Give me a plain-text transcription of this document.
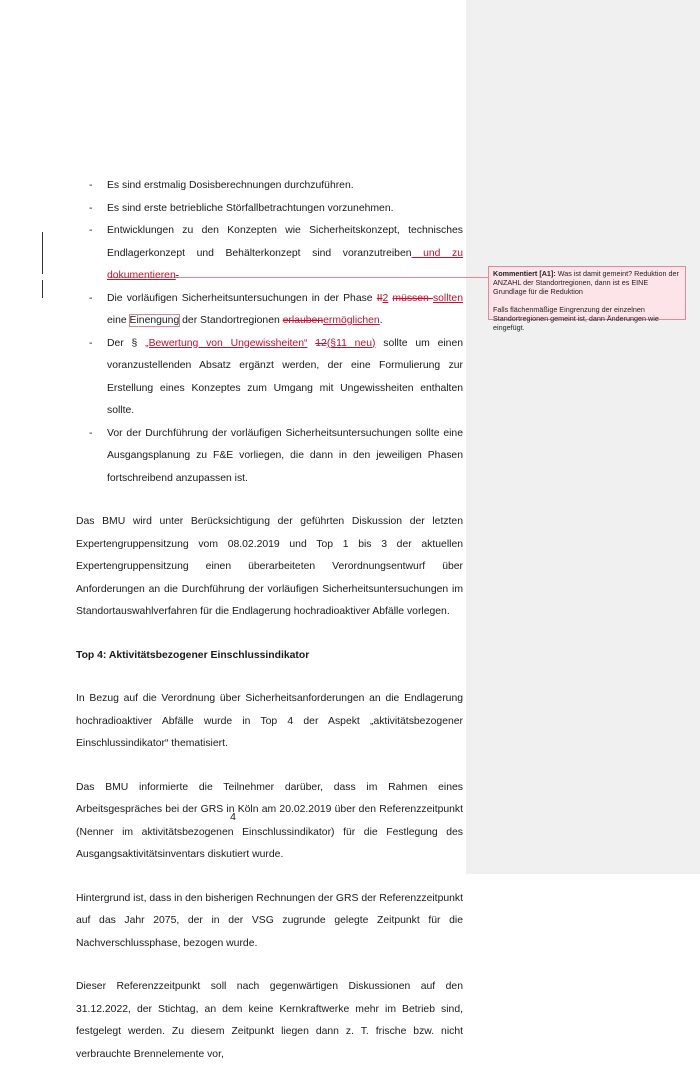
- Es sind erstmalig Dosisberechnungen durchzuführen.
- Es sind erste betriebliche Störfallbetrachtungen vorzunehmen.
- Entwicklungen zu den Konzepten wie Sicherheitskonzept, technisches Endlagerkonzept und Behälterkonzept sind voranzutreiben und zu dokumentieren.
- Die vorläufigen Sicherheitsuntersuchungen in der Phase II2 müssen sollten eine Einengung der Standortregionen erlaubenermöglichen.
- Der § „Bewertung von Ungewissheiten“ 12(§11 neu) sollte um einen voranzustellenden Absatz ergänzt werden, der eine Formulierung zur Erstellung eines Konzeptes zum Umgang mit Ungewissheiten enthalten sollte.
- Vor der Durchführung der vorläufigen Sicherheitsuntersuchungen sollte eine Ausgangsplanung zu F&E vorliegen, die dann in den jeweiligen Phasen fortschreibend anzupassen ist.

Das BMU wird unter Berücksichtigung der geführten Diskussion der letzten Expertengruppensitzung vom 08.02.2019 und Top 1 bis 3 der aktuellen Expertengruppensitzung einen überarbeiteten Verordnungsentwurf über Anforderungen an die Durchführung der vorläufigen Sicherheitsuntersuchungen im Standortauswahlverfahren für die Endlagerung hochradioaktiver Abfälle vorlegen.

Top 4: Aktivitätsbezogener Einschlussindikator

In Bezug auf die Verordnung über Sicherheitsanforderungen an die Endlagerung hochradioaktiver Abfälle wurde in Top 4 der Aspekt „aktivitätsbezogener Einschlussindikator“ thematisiert.

Das BMU informierte die Teilnehmer darüber, dass im Rahmen eines Arbeitsgespräches bei der GRS in Köln am 20.02.2019 über den Referenzzeitpunkt (Nenner im aktivitätsbezogenen Einschlussindikator) für die Festlegung des Ausgangsaktivitätsinventars diskutiert wurde.

Hintergrund ist, dass in den bisherigen Rechnungen der GRS der Referenzzeitpunkt auf das Jahr 2075, der in der VSG zugrunde gelegte Zeitpunkt für die Nachverschlussphase, bezogen wurde.

Dieser Referenzzeitpunkt soll nach gegenwärtigen Diskussionen auf den 31.12.2022, der Stichtag, an dem keine Kernkraftwerke mehr im Betrieb sind, festgelegt werden. Zu diesem Zeitpunkt liegen dann z. T. frische bzw. nicht verbrauchte Brennelemente vor,

4
Kommentiert [A1]: Was ist damit gemeint? Reduktion der ANZAHL der Standortregionen, dann ist es EINE Grundlage für die Reduktion
Falls flächenmäßige Eingrenzung der einzelnen Standortregionen gemeint ist, dann Änderungen wie eingefügt.
